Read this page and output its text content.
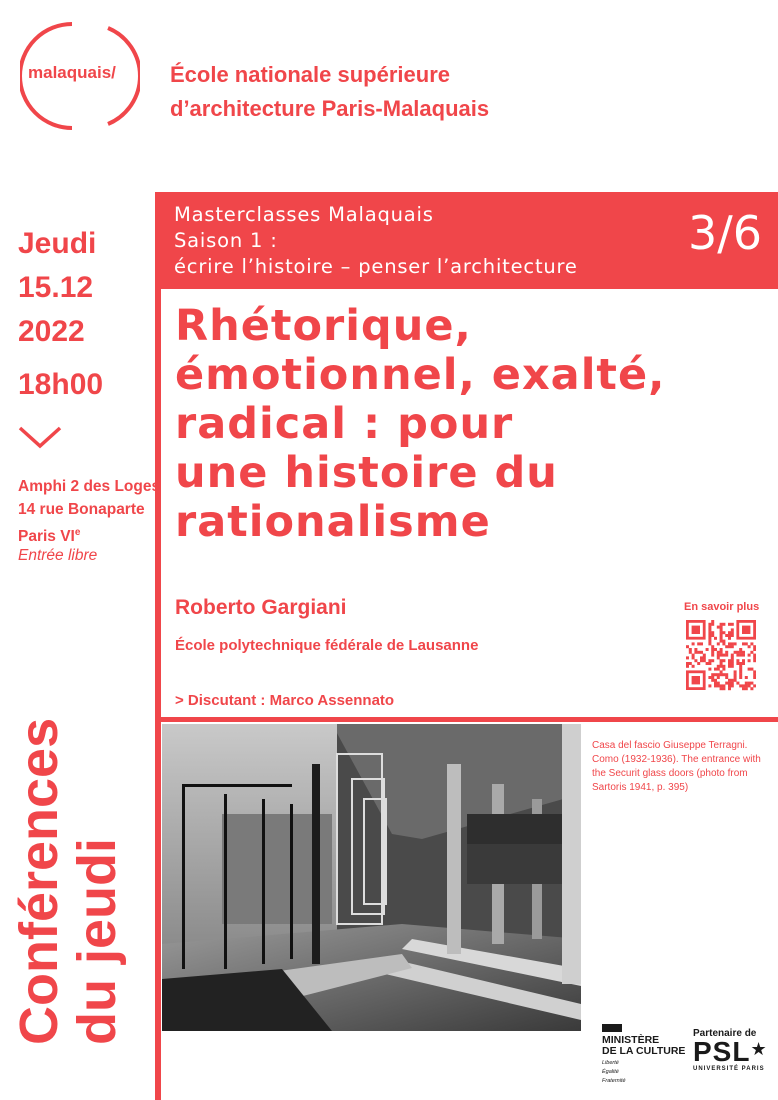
malaquais/ École nationale supérieure
d’architecture Paris-Malaquais
Masterclasses Malaquais
Saison 1 :
écrire l’histoire – penser l’architecture
3/6
Jeudi
15.12
2022
18h00
Amphi 2 des Loges
14 rue Bonaparte
Paris VIe
Entrée libre
Conférences
du jeudi
Rhétorique,
émotionnel, exalté,
radical : pour
une histoire du
rationalisme
Roberto Gargiani
École polytechnique fédérale de Lausanne
> Discutant : Marco Assennato
En savoir plus
Casa del fascio Giuseppe Terragni. Como (1932-1936). The entrance with the Securit glass doors (photo from Sartoris 1941, p. 395)
MINISTÈRE
DE LA CULTURE
Liberté
Égalité
Fraternité
Partenaire de
PSL★
UNIVERSITÉ PARIS
